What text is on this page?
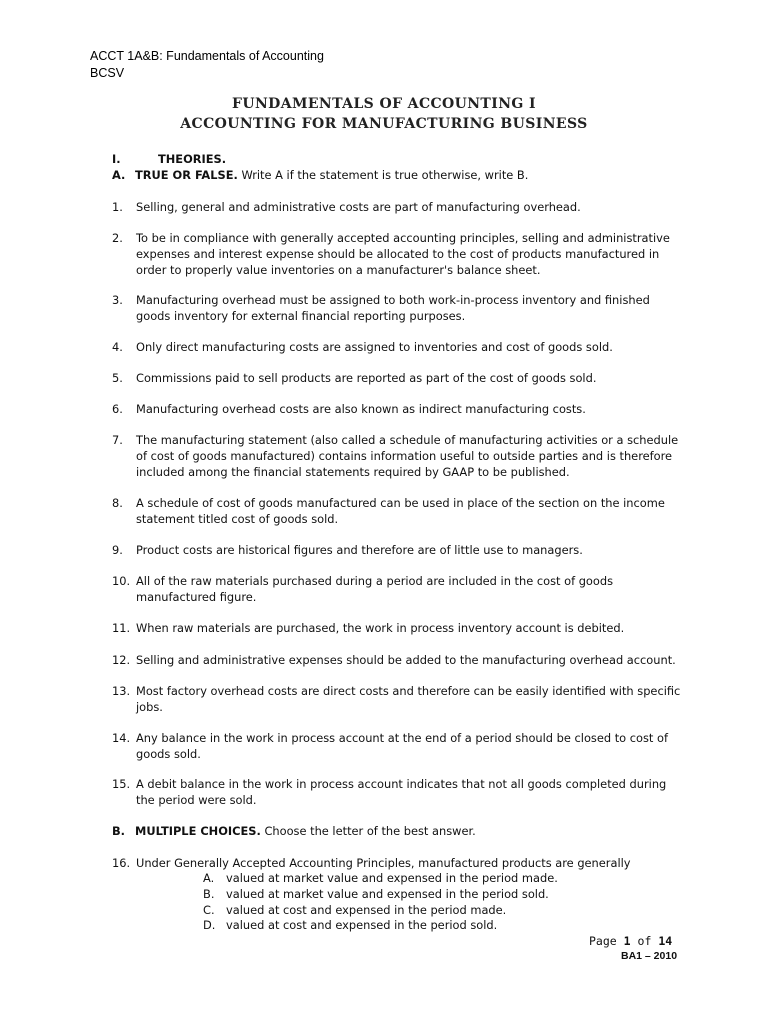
ACCT 1A&B: Fundamentals of Accounting
BCSV
FUNDAMENTALS OF ACCOUNTING I
ACCOUNTING FOR MANUFACTURING BUSINESS
I.	THEORIES.
A. TRUE OR FALSE. Write A if the statement is true otherwise, write B.
1. Selling, general and administrative costs are part of manufacturing overhead.
2. To be in compliance with generally accepted accounting principles, selling and administrative expenses and interest expense should be allocated to the cost of products manufactured in order to properly value inventories on a manufacturer's balance sheet.
3. Manufacturing overhead must be assigned to both work-in-process inventory and finished goods inventory for external financial reporting purposes.
4. Only direct manufacturing costs are assigned to inventories and cost of goods sold.
5. Commissions paid to sell products are reported as part of the cost of goods sold.
6. Manufacturing overhead costs are also known as indirect manufacturing costs.
7. The manufacturing statement (also called a schedule of manufacturing activities or a schedule of cost of goods manufactured) contains information useful to outside parties and is therefore included among the financial statements required by GAAP to be published.
8. A schedule of cost of goods manufactured can be used in place of the section on the income statement titled cost of goods sold.
9. Product costs are historical figures and therefore are of little use to managers.
10. All of the raw materials purchased during a period are included in the cost of goods manufactured figure.
11. When raw materials are purchased, the work in process inventory account is debited.
12. Selling and administrative expenses should be added to the manufacturing overhead account.
13. Most factory overhead costs are direct costs and therefore can be easily identified with specific jobs.
14. Any balance in the work in process account at the end of a period should be closed to cost of goods sold.
15. A debit balance in the work in process account indicates that not all goods completed during the period were sold.
B. MULTIPLE CHOICES. Choose the letter of the best answer.
16. Under Generally Accepted Accounting Principles, manufactured products are generally
A. valued at market value and expensed in the period made.
B. valued at market value and expensed in the period sold.
C. valued at cost and expensed in the period made.
D. valued at cost and expensed in the period sold.
Page 1 of 14
BA1 – 2010
